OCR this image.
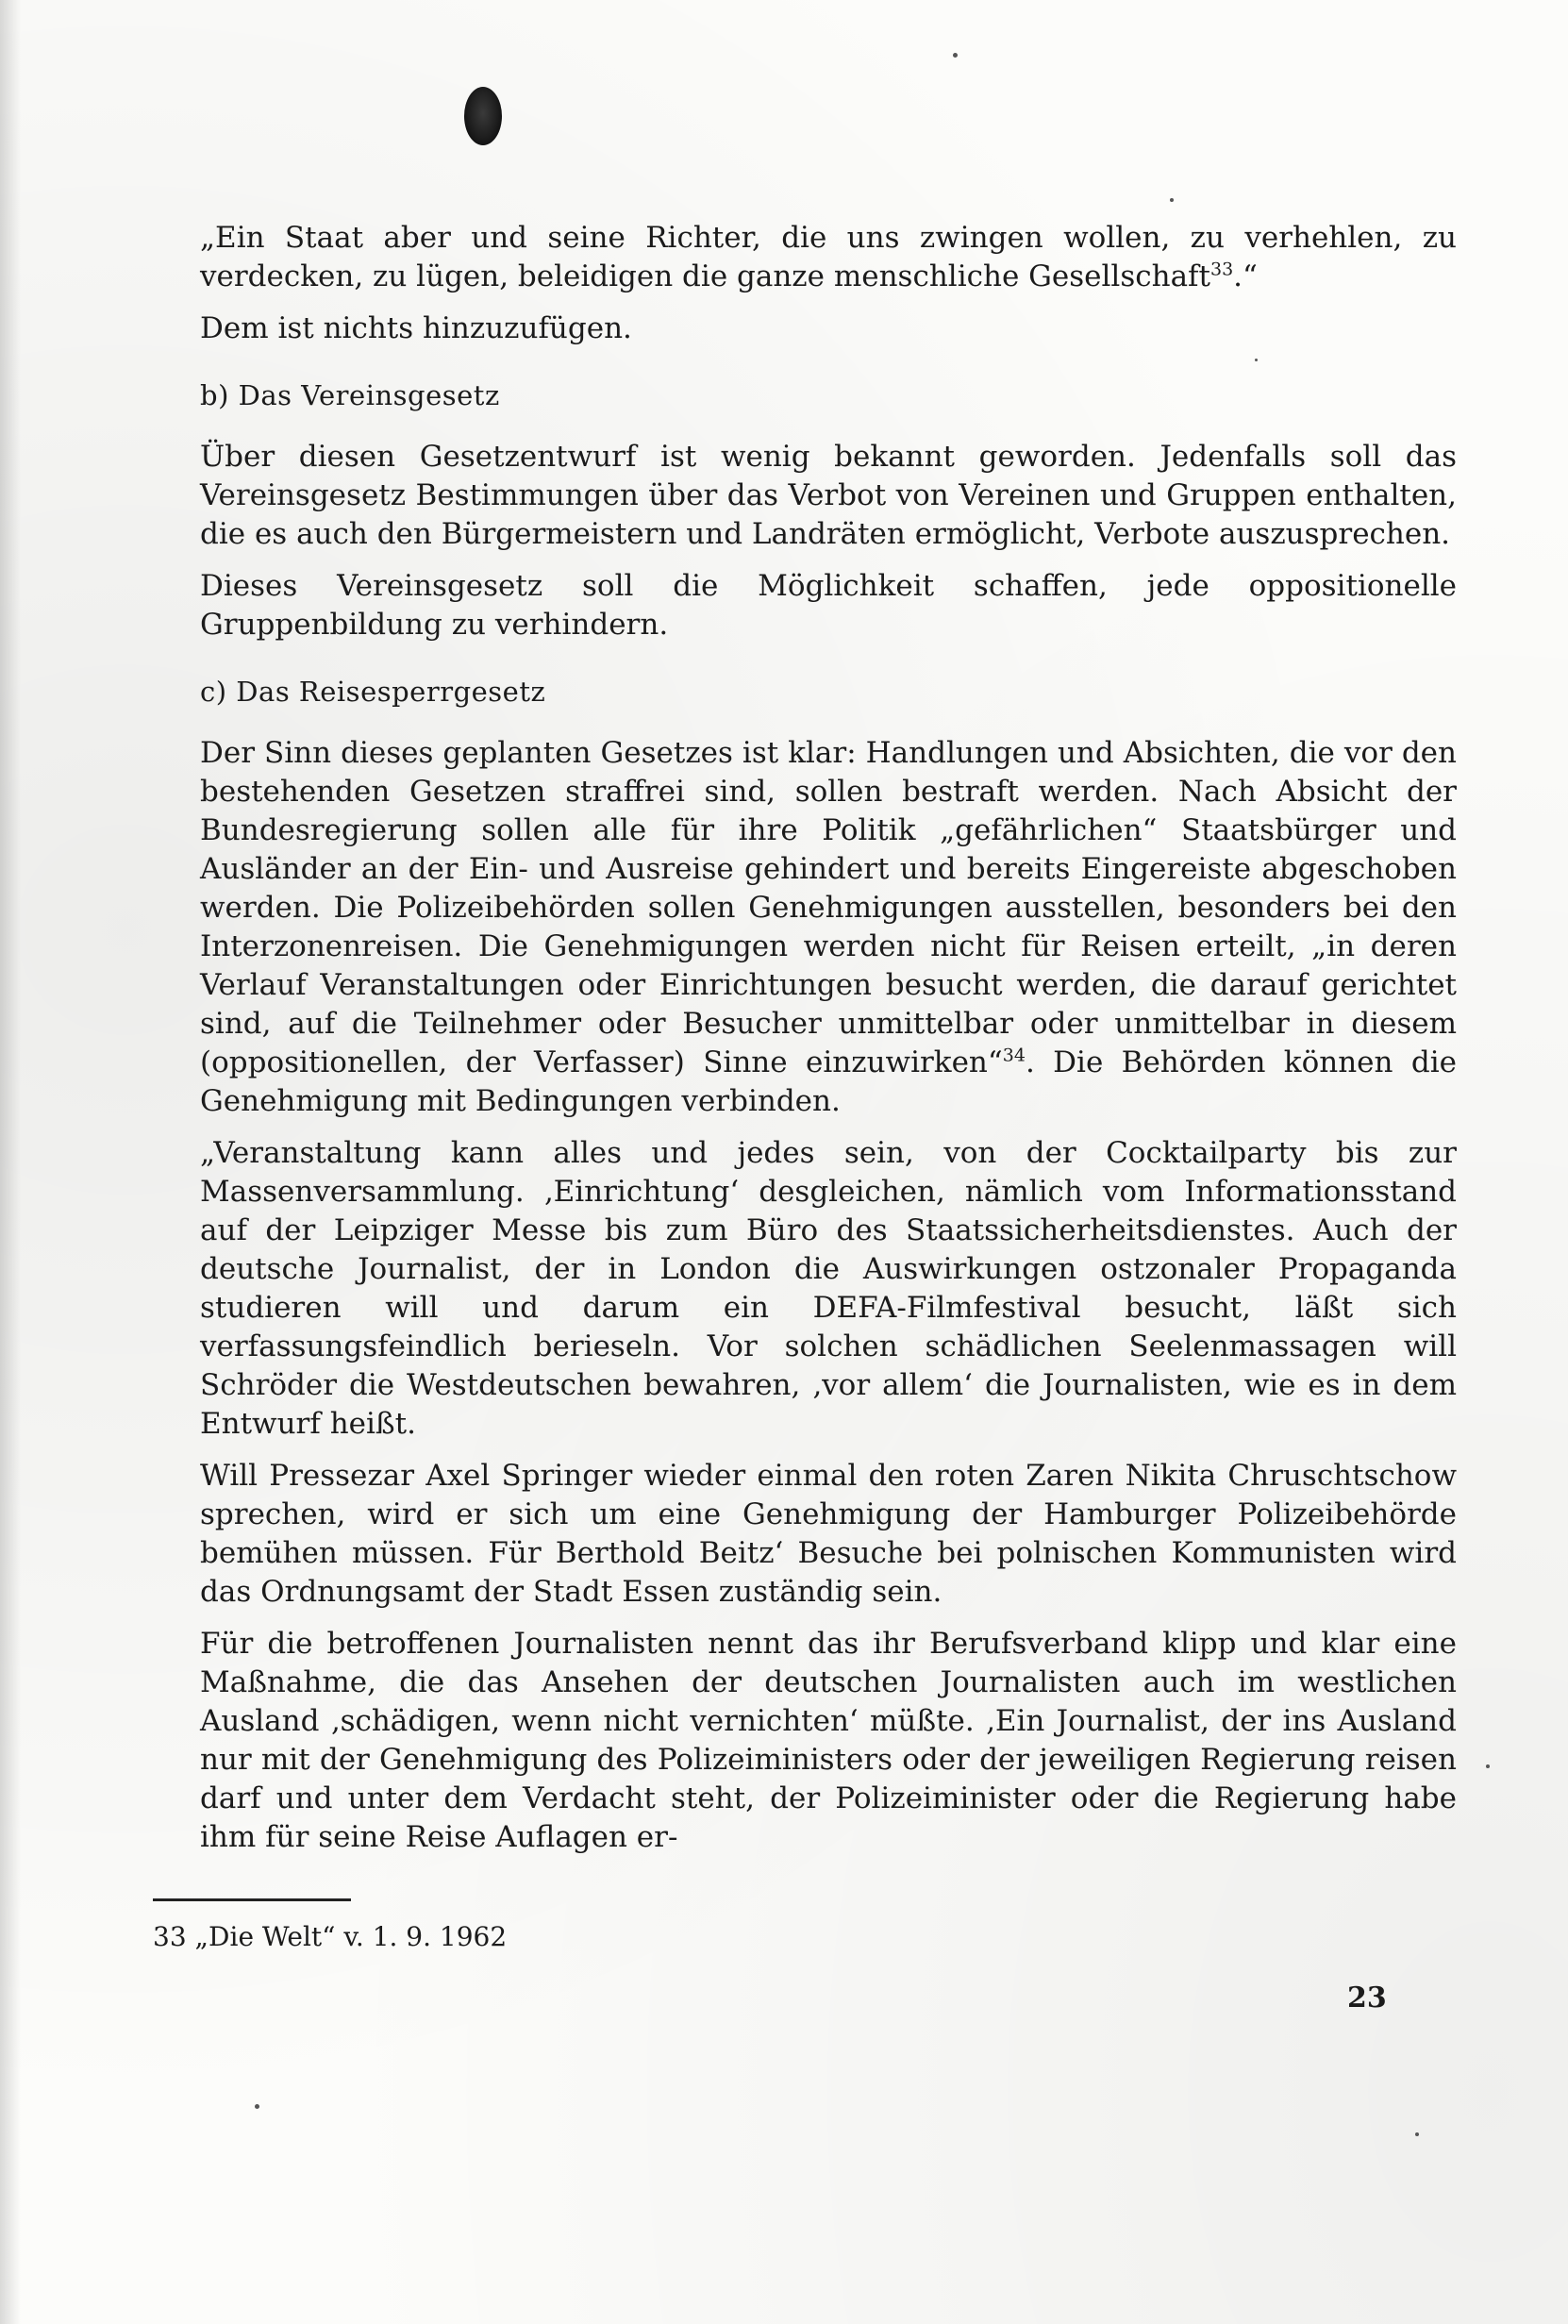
„Ein Staat aber und seine Richter, die uns zwingen wollen, zu verhehlen, zu verdecken, zu lügen, beleidigen die ganze menschliche Gesellschaft$^{33}$.“

Dem ist nichts hinzuzufügen.

b) Das Vereinsgesetz

Über diesen Gesetzentwurf ist wenig bekannt geworden. Jedenfalls soll das Vereinsgesetz Bestimmungen über das Verbot von Vereinen und Gruppen enthalten, die es auch den Bürgermeistern und Landräten ermöglicht, Verbote auszusprechen.

Dieses Vereinsgesetz soll die Möglichkeit schaffen, jede oppositionelle Gruppenbildung zu verhindern.

c) Das Reisesperrgesetz

Der Sinn dieses geplanten Gesetzes ist klar: Handlungen und Absichten, die vor den bestehenden Gesetzen straffrei sind, sollen bestraft werden. Nach Absicht der Bundesregierung sollen alle für ihre Politik „gefährlichen“ Staatsbürger und Ausländer an der Ein- und Ausreise gehindert und bereits Eingereiste abgeschoben werden. Die Polizeibehörden sollen Genehmigungen ausstellen, besonders bei den Interzonenreisen. Die Genehmigungen werden nicht für Reisen erteilt, „in deren Verlauf Veranstaltungen oder Einrichtungen besucht werden, die darauf gerichtet sind, auf die Teilnehmer oder Besucher unmittelbar oder unmittelbar in diesem (oppositionellen, der Verfasser) Sinne einzuwirken“$^{34}$. Die Behörden können die Genehmigung mit Bedingungen verbinden.

„Veranstaltung kann alles und jedes sein, von der Cocktailparty bis zur Massenversammlung. ‚Einrichtung‘ desgleichen, nämlich vom Informationsstand auf der Leipziger Messe bis zum Büro des Staatssicherheitsdienstes. Auch der deutsche Journalist, der in London die Auswirkungen ostzonaler Propaganda studieren will und darum ein DEFA-Filmfestival besucht, läßt sich verfassungsfeindlich berieseln. Vor solchen schädlichen Seelenmassagen will Schröder die Westdeutschen bewahren, ‚vor allem‘ die Journalisten, wie es in dem Entwurf heißt.

Will Pressezar Axel Springer wieder einmal den roten Zaren Nikita Chruschtschow sprechen, wird er sich um eine Genehmigung der Hamburger Polizeibehörde bemühen müssen. Für Berthold Beitz‘ Besuche bei polnischen Kommunisten wird das Ordnungsamt der Stadt Essen zuständig sein.

Für die betroffenen Journalisten nennt das ihr Berufsverband klipp und klar eine Maßnahme, die das Ansehen der deutschen Journalisten auch im westlichen Ausland ‚schädigen, wenn nicht vernichten‘ müßte. ‚Ein Journalist, der ins Ausland nur mit der Genehmigung des Polizeiministers oder der jeweiligen Regierung reisen darf und unter dem Verdacht steht, der Polizeiminister oder die Regierung habe ihm für seine Reise Auflagen er-

33 „Die Welt“ v. 1. 9. 1962
23
